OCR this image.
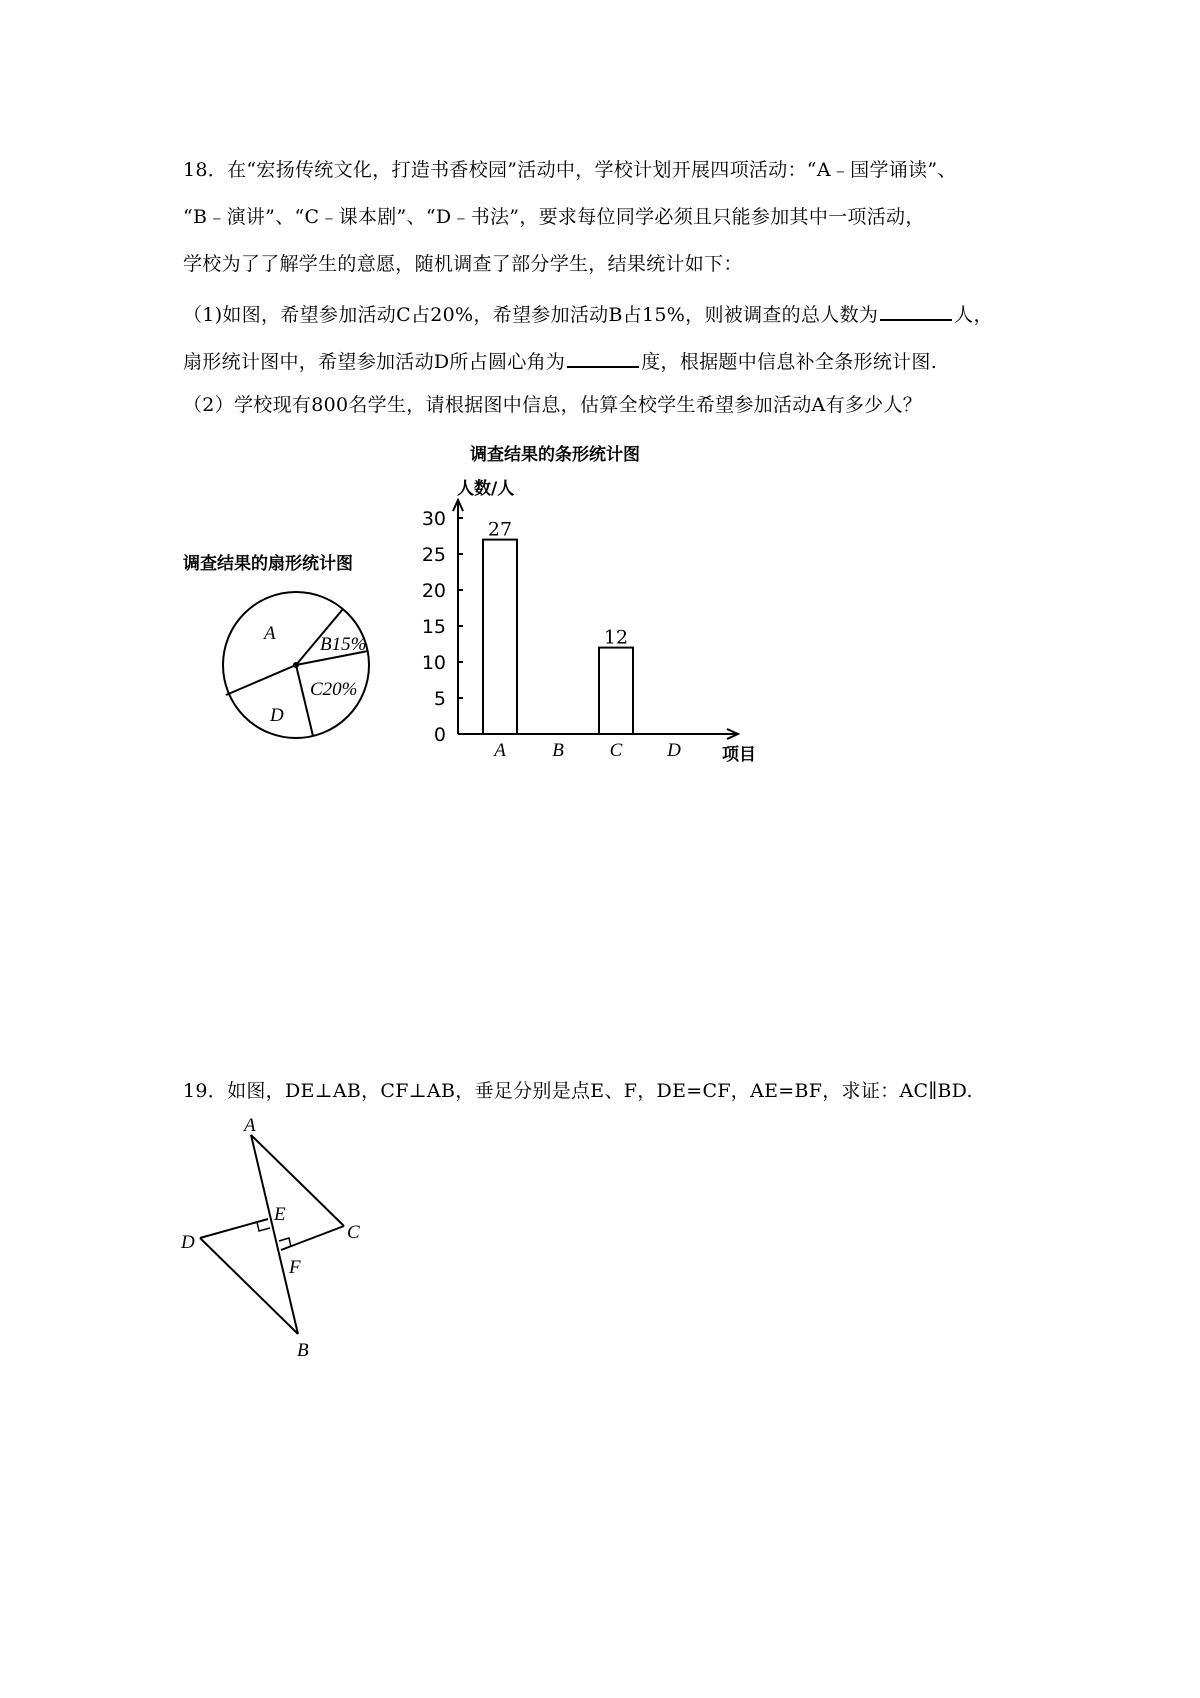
18．在“宏扬传统文化，打造书香校园”活动中，学校计划开展四项活动：“A﹣国学诵读”、
“B﹣演讲”、“C﹣课本剧”、“D﹣书法”，要求每位同学必须且只能参加其中一项活动，
学校为了了解学生的意愿，随机调查了部分学生，结果统计如下：
（1)如图，希望参加活动C占20%，希望参加活动B占15%，则被调查的总人数为	人，
扇形统计图中，希望参加活动D所占圆心角为	度，根据题中信息补全条形统计图.
（2）学校现有800名学生，请根据图中信息，估算全校学生希望参加活动A有多少人？
调查结果的扇形统计图
A
B15%
C20%
D
调查结果的条形统计图
人数/人
项目
0
5
10
15
20
25
30 27
12
A B C D
19．如图，DE⊥AB，CF⊥AB，垂足分别是点E、F，DE=CF，AE=BF，求证：AC∥BD.
A
E
C
D
F
B
